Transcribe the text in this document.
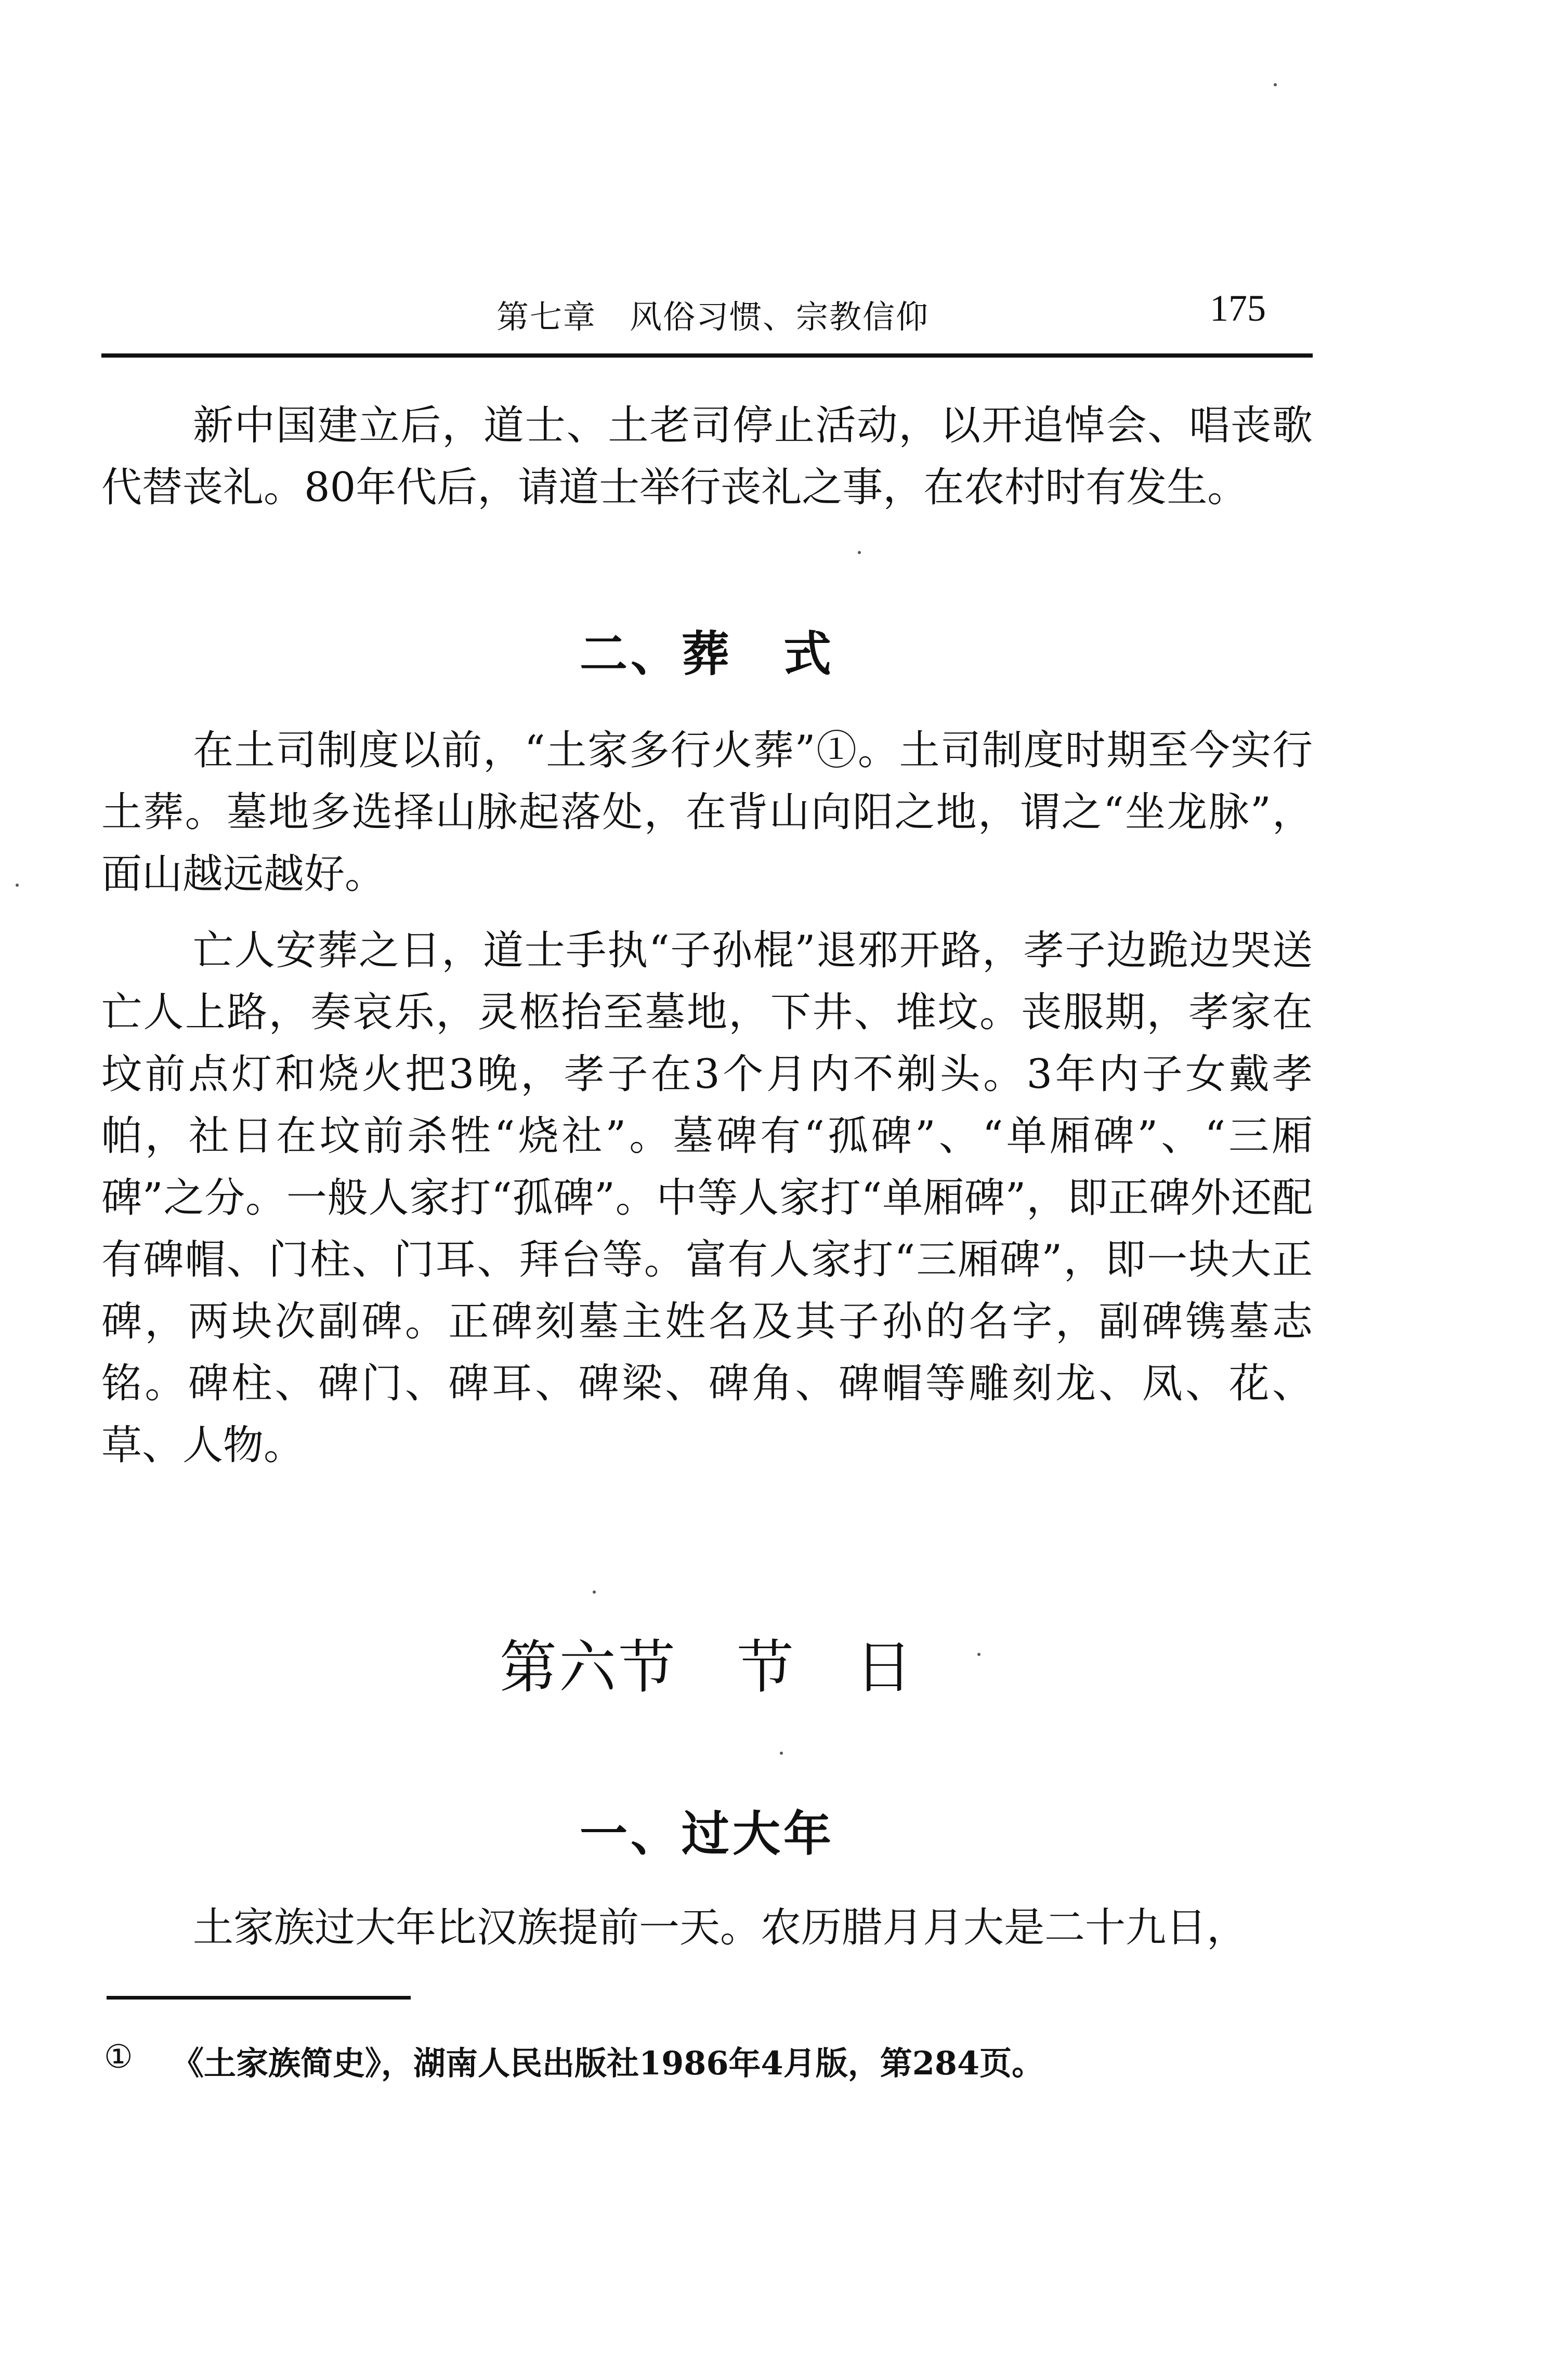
第七章　风俗习惯、宗教信仰	175

新中国建立后，道士、土老司停止活动，以开追悼会、唱丧歌代替丧礼。80年代后，请道士举行丧礼之事，在农村时有发生。

二、葬　式

在土司制度以前，“土家多行火葬”①。土司制度时期至今实行土葬。墓地多选择山脉起落处，在背山向阳之地，谓之“坐龙脉”，面山越远越好。

亡人安葬之日，道士手执“子孙棍”退邪开路，孝子边跪边哭送亡人上路，奏哀乐，灵柩抬至墓地，下井、堆坟。丧服期，孝家在坟前点灯和烧火把3晚，孝子在3个月内不剃头。3年内子女戴孝帕，社日在坟前杀牲“烧社”。墓碑有“孤碑”、“单厢碑”、“三厢碑”之分。一般人家打“孤碑”。中等人家打“单厢碑”，即正碑外还配有碑帽、门柱、门耳、拜台等。富有人家打“三厢碑”，即一块大正碑，两块次副碑。正碑刻墓主姓名及其子孙的名字，副碑镌墓志铭。碑柱、碑门、碑耳、碑梁、碑角、碑帽等雕刻龙、凤、花、草、人物。

第六节　节　日
一、过大年

土家族过大年比汉族提前一天。农历腊月月大是二十九日，

① 《土家族简史》，湖南人民出版社1986年4月版，第284页。
